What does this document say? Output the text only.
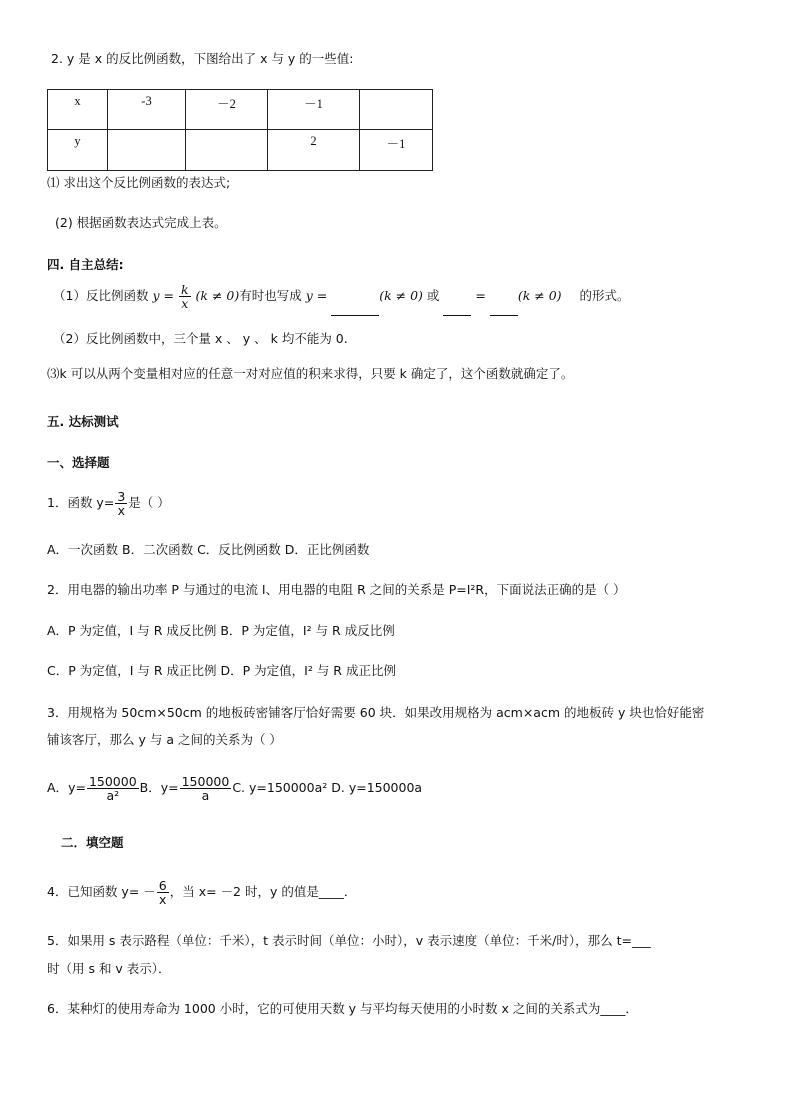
2. y 是 x 的反比例函数，下图给出了 x 与 y 的一些值:
x	-3	－2	－1	

y			2	－1
⑴ 求出这个反比例函数的表达式;
(2) 根据函数表达式完成上表。
四. 自主总结:
（1）反比例函数 $y = \frac{k}{x} (k \ne 0)$有时也写成 y =	(k ≠ 0) 或	=	(k ≠ 0) 的形式。
（2）反比例函数中，三个量 x 、 y 、 k 均不能为 0.
⑶k 可以从两个变量相对应的任意一对对应值的积来求得，只要 k 确定了，这个函数就确定了。
五. 达标测试
一、选择题
1．函数 $y= \frac{3}{x}$ 是（ ）
A．一次函数 B．二次函数 C．反比例函数 D．正比例函数
2．用电器的输出功率 P 与通过的电流 I、用电器的电阻 R 之间的关系是 P=I²R，下面说法正确的是（ ）
A．P 为定值，I 与 R 成反比例 B．P 为定值，I² 与 R 成反比例
C．P 为定值，I 与 R 成正比例 D．P 为定值，I² 与 R 成正比例
3．用规格为 50cm×50cm 的地板砖密铺客厅恰好需要 60 块．如果改用规格为 acm×acm 的地板砖 y 块也恰好能密
铺该客厅，那么 y 与 a 之间的关系为（ ）
A．$y= \frac{150000}{\text{a²}}$ B．$y= \frac{150000}{a} C$. y=150000a² D. y=150000a
二．填空题
4．已知函数 $y= - \frac{6}{x}$ ，当 x= －2 时，y 的值是____．
5．如果用 s 表示路程（单位：千米），t 表示时间（单位：小时），v 表示速度（单位：千米/时），那么 t=___
时（用 s 和 v 表示）．
6．某种灯的使用寿命为 1000 小时，它的可使用天数 y 与平均每天使用的小时数 x 之间的关系式为____．
